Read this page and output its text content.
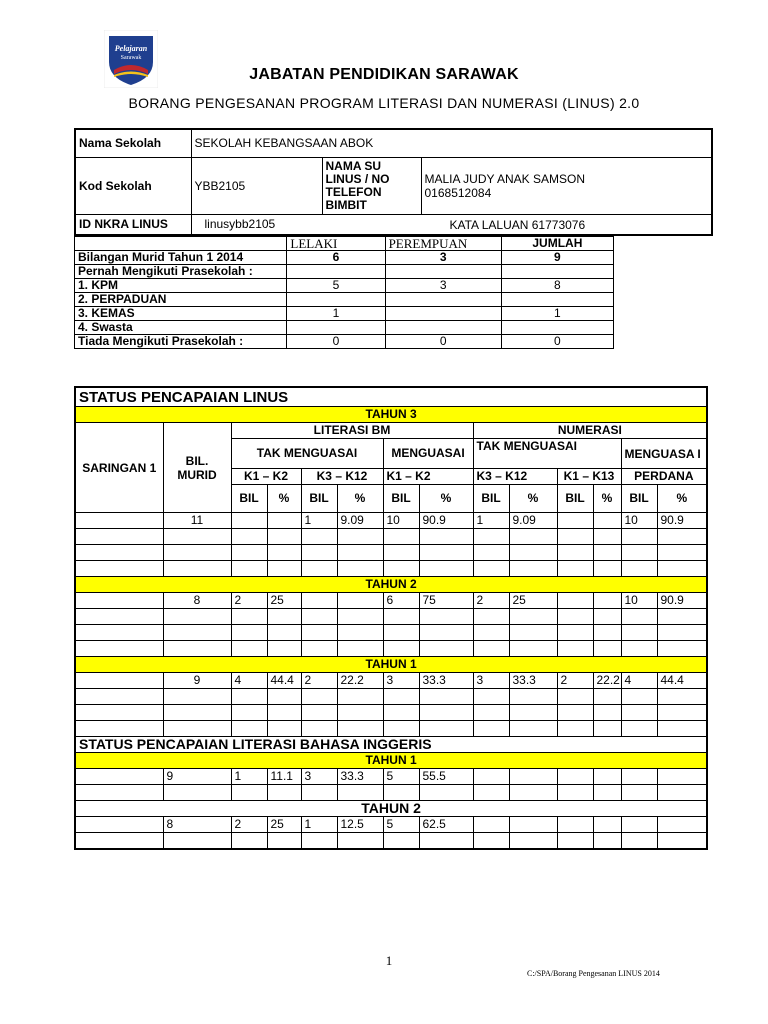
Pelajaran
Sarawak
JABATAN PENDIDIKAN SARAWAK
BORANG PENGESANAN PROGRAM LITERASI DAN NUMERASI (LINUS) 2.0
Nama Sekolah	SEKOLAH KEBANGSAAN ABOK		
Kod Sekolah	YBB2105	NAMA SU LINUS / NO TELEFON BIMBIT	MALIA JUDY ANAK SAMSON
0168512084

ID NKRA LINUS	linusybb2105 KATA LALUAN 61773076		
	LELAKI	PEREMPUAN	JUMLAH
Bilangan Murid Tahun 1 2014	6	3	9
Pernah Mengikuti Prasekolah :			
1. KPM	5	3	8
2. PERPADUAN			
3. KEMAS	1		1
4. Swasta			
Tiada Mengikuti Prasekolah :	0	0	0
STATUS PENCAPAIAN LINUS													
TAHUN 3													
SARINGAN 1	BIL. MURID	LITERASI BM						NUMERASI					
		TAK MENGUASAI				MENGUASAI		TAK MENGUASAI				MENGUASA I	
		K1 – K2		K3 – K12		K1 – K2		K3 – K12		K1 – K13		PERDANA	
		BIL	%	BIL	%	BIL	%	BIL	%	BIL	%	BIL	%
	11			1	9.09	10	90.9	1	9.09			10	90.9

TAHUN 2													
	8	2	25			6	75	2	25			10	90.9

TAHUN 1													
	9	4	44.4	2	22.2	3	33.3	3	33.3	2	22.2	4	44.4

STATUS PENCAPAIAN LITERASI BAHASA INGGERIS													
TAHUN 1													
	9	1	11.1	3	33.3	5	55.5						

TAHUN 2													
	8	2	25	1	12.5	5	62.5						

1
C:/SPA/Borang Pengesanan LINUS 2014
